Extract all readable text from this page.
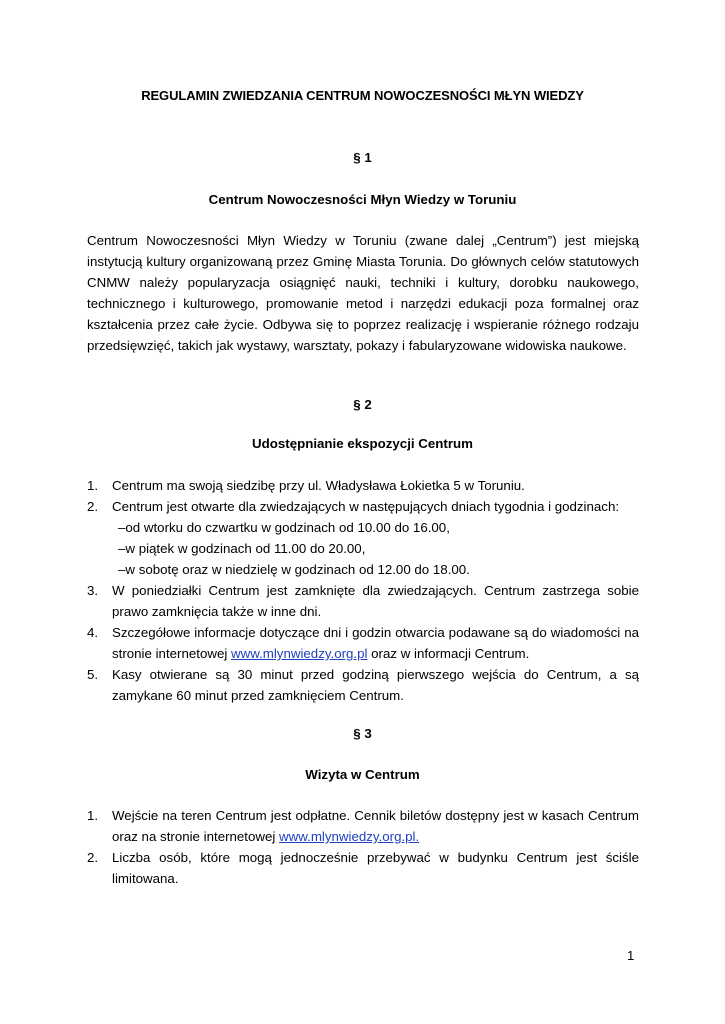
REGULAMIN ZWIEDZANIA CENTRUM NOWOCZESNOŚCI MŁYN WIEDZY
§ 1
Centrum Nowoczesności Młyn Wiedzy w Toruniu
Centrum Nowoczesności Młyn Wiedzy w Toruniu (zwane dalej „Centrum”) jest miejską instytucją kultury organizowaną przez Gminę Miasta Torunia. Do głównych celów statutowych CNMW należy popularyzacja osiągnięć nauki, techniki i kultury, dorobku naukowego, technicznego i kulturowego, promowanie metod i narzędzi edukacji poza formalnej oraz kształcenia przez całe życie. Odbywa się to poprzez realizację i wspieranie różnego rodzaju przedsięwzięć, takich jak wystawy, warsztaty, pokazy i fabularyzowane widowiska naukowe.
§ 2
Udostępnianie ekspozycji Centrum
1. Centrum ma swoją siedzibę przy ul. Władysława Łokietka 5 w Toruniu.
2. Centrum jest otwarte dla zwiedzających w następujących dniach tygodnia i godzinach:
–od wtorku do czwartku w godzinach od 10.00 do 16.00,
–w piątek w godzinach od 11.00 do 20.00,
–w sobotę oraz w niedzielę w godzinach od 12.00 do 18.00.
3. W poniedziałki Centrum jest zamknięte dla zwiedzających. Centrum zastrzega sobie prawo zamknięcia także w inne dni.
4. Szczegółowe informacje dotyczące dni i godzin otwarcia podawane są do wiadomości na stronie internetowej www.mlynwiedzy.org.pl oraz w informacji Centrum.
5. Kasy otwierane są 30 minut przed godziną pierwszego wejścia do Centrum, a są zamykane 60 minut przed zamknięciem Centrum.
§ 3
Wizyta w Centrum
1. Wejście na teren Centrum jest odpłatne. Cennik biletów dostępny jest w kasach Centrum oraz na stronie internetowej www.mlynwiedzy.org.pl.
2. Liczba osób, które mogą jednocześnie przebywać w budynku Centrum jest ściśle limitowana.
1
